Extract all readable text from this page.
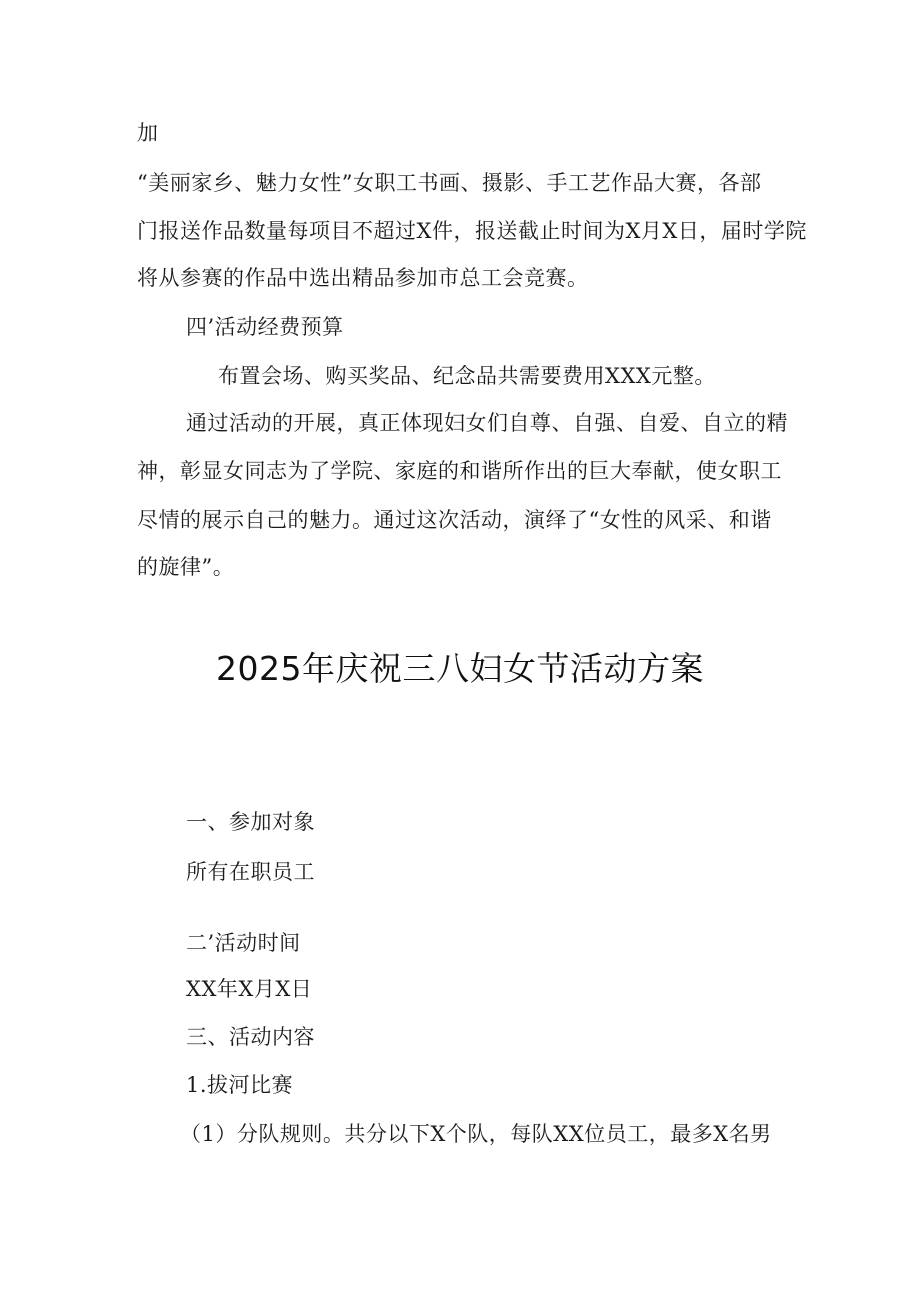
加
“美丽家乡、魅力女性”女职工书画、摄影、手工艺作品大赛，各部
门报送作品数量每项目不超过X件，报送截止时间为X月X日，届时学院
将从参赛的作品中选出精品参加市总工会竞赛。
四’活动经费预算
布置会场、购买奖品、纪念品共需要费用XXX元整。
通过活动的开展，真正体现妇女们自尊、自强、自爱、自立的精
神，彰显女同志为了学院、家庭的和谐所作出的巨大奉献，使女职工
尽情的展示自己的魅力。通过这次活动，演绎了“女性的风采、和谐
的旋律”。
2025年庆祝三八妇女节活动方案
一、参加对象
所有在职员工
二’活动时间
XX年X月X日
三、活动内容
1.拔河比赛
（1）分队规则。共分以下X个队，每队XX位员工，最多X名男
